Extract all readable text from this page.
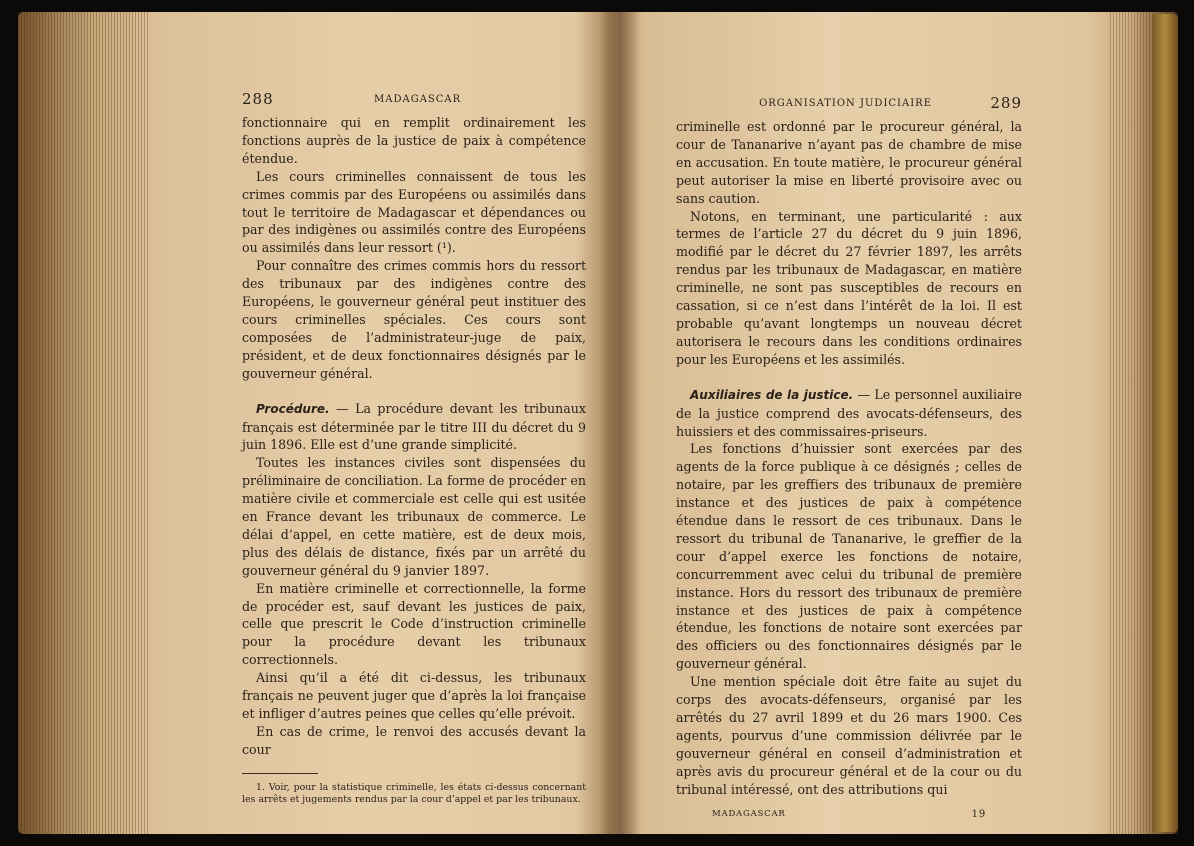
288	MADAGASCAR

fonctionnaire qui en remplit ordinairement les fonctions auprès de la justice de paix à compétence étendue.

Les cours criminelles connaissent de tous les crimes commis par des Européens ou assimilés dans tout le territoire de Madagascar et dépendances ou par des indigènes ou assimilés contre des Européens ou assimilés dans leur ressort (¹).

Pour connaître des crimes commis hors du ressort des tribunaux par des indigènes contre des Européens, le gouverneur général peut instituer des cours criminelles spéciales. Ces cours sont composées de l’administrateur-juge de paix, président, et de deux fonctionnaires désignés par le gouverneur général.

Procédure. — La procédure devant les tribunaux français est déterminée par le titre III du décret du 9 juin 1896. Elle est d’une grande simplicité.

Toutes les instances civiles sont dispensées du préliminaire de conciliation. La forme de procéder en matière civile et commerciale est celle qui est usitée en France devant les tribunaux de commerce. Le délai d’appel, en cette matière, est de deux mois, plus des délais de distance, fixés par un arrêté du gouverneur général du 9 janvier 1897.

En matière criminelle et correctionnelle, la forme de procéder est, sauf devant les justices de paix, celle que prescrit le Code d’instruction criminelle pour la procédure devant les tribunaux correctionnels.

Ainsi qu’il a été dit ci-dessus, les tribunaux français ne peuvent juger que d’après la loi française et infliger d’autres peines que celles qu’elle prévoit.

En cas de crime, le renvoi des accusés devant la cour

1. Voir, pour la statistique criminelle, les états ci-dessus concernant les arrêts et jugements rendus par la cour d’appel et par les tribunaux.
ORGANISATION JUDICIAIRE	289

criminelle est ordonné par le procureur général, la cour de Tananarive n’ayant pas de chambre de mise en accusation. En toute matière, le procureur général peut autoriser la mise en liberté provisoire avec ou sans caution.

Notons, en terminant, une particularité : aux termes de l’article 27 du décret du 9 juin 1896, modifié par le décret du 27 février 1897, les arrêts rendus par les tribunaux de Madagascar, en matière criminelle, ne sont pas susceptibles de recours en cassation, si ce n’est dans l’intérêt de la loi. Il est probable qu’avant longtemps un nouveau décret autorisera le recours dans les conditions ordinaires pour les Européens et les assimilés.

Auxiliaires de la justice. — Le personnel auxiliaire de la justice comprend des avocats-défenseurs, des huissiers et des commissaires-priseurs.

Les fonctions d’huissier sont exercées par des agents de la force publique à ce désignés ; celles de notaire, par les greffiers des tribunaux de première instance et des justices de paix à compétence étendue dans le ressort de ces tribunaux. Dans le ressort du tribunal de Tananarive, le greffier de la cour d’appel exerce les fonctions de notaire, concurremment avec celui du tribunal de première instance. Hors du ressort des tribunaux de première instance et des justices de paix à compétence étendue, les fonctions de notaire sont exercées par des officiers ou des fonctionnaires désignés par le gouverneur général.

Une mention spéciale doit être faite au sujet du corps des avocats-défenseurs, organisé par les arrêtés du 27 avril 1899 et du 26 mars 1900. Ces agents, pourvus d’une commission délivrée par le gouverneur général en conseil d’administration et après avis du procureur général et de la cour ou du tribunal intéressé, ont des attributions qui

MADAGASCAR	19
